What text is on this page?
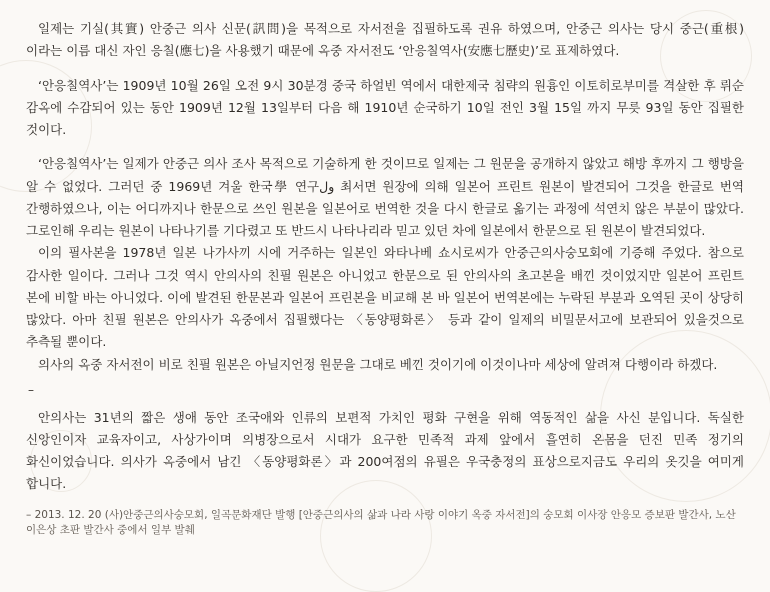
일제는 기실(其實) 안중근 의사 신문(訊問)을 목적으로 자서전을 집필하도록 권유 하였으며, 안중근 의사는 당시 중근(重根) 이라는 이름 대신 자인 응칠(應七)을 사용했기 때문에 옥중 자서전도 ‘안응칠역사(安應七歷史)’로 표제하였다.

‘안응칠역사’는 1909년 10월 26일 오전 9시 30분경 중국 하얼빈 역에서 대한제국 침략의 원흉인 이토히로부미를 격살한 후 뤼순 감옥에 수감되어 있는 동안 1909년 12월 13일부터 다음 해 1910년 순국하기 10일 전인 3월 15일 까지 무릇 93일 동안 집필한 것이다.

‘안응칠역사’는 일제가 안중근 의사 조사 목적으로 기술하게 한 것이므로 일제는 그 원문을 공개하지 않았고 해방 후까지 그 행방을 알 수 없었다. 그러던 중 1969년 겨울 한국學 연구ول 최서면 원장에 의해 일본어 프린트 원본이 발견되어 그것을 한글로 번역 간행하였으나, 이는 어디까지나 한문으로 쓰인 원본을 일본어로 번역한 것을 다시 한글로 옮기는 과정에 석연치 않은 부분이 많았다. 그로인해 우리는 원본이 나타나기를 기다렸고 또 반드시 나타나리라 믿고 있던 차에 일본에서 한문으로 된 원본이 발견되었다.

이의 필사본을 1978년 일본 나가사끼 시에 거주하는 일본인 와타나베 쇼시로씨가 안중근의사숭모회에 기증해 주었다. 참으로 감사한 일이다. 그러나 그것 역시 안의사의 친필 원본은 아니었고 한문으로 된 안의사의 초고본을 배낀 것이었지만 일본어 프린트 본에 비할 바는 아니었다. 이에 발견된 한문본과 일본어 프린본을 비교해 본 바 일본어 번역본에는 누락된 부분과 오역된 곳이 상당히 많았다. 아마 친필 원본은 안의사가 옥중에서 집필했다는 〈동양평화론〉 등과 같이 일제의 비밀문서고에 보관되어 있을것으로 추측될 뿐이다.

의사의 옥중 자서전이 비로 친필 원본은 아닐지언정 원문을 그대로 베낀 것이기에 이것이나마 세상에 알려져 다행이라 하겠다.

–

안의사는 31년의 짧은 생애 동안 조국애와 인류의 보편적 가치인 평화 구현을 위해 역동적인 삶을 사신 분입니다. 독실한 신앙인이자 교육자이고, 사상가이며 의병장으로서 시대가 요구한 민족적 과제 앞에서 흘연히 온몸을 던진 민족 정기의 화신이었습니다. 의사가 옥중에서 남긴 〈동양평화론〉과 200여점의 유필은 우국충정의 표상으로지금도 우리의 옷깃을 여미게 합니다.

– 2013. 12. 20 (사)안중근의사숭모회, 일곡문화재단 발행 [안중근의사의 삶과 나라 사랑 이야기 옥중 자서전]의 숭모회 이사장 안응모 증보판 발간사, 노산 이은상 초판 발간사 중에서 일부 발췌
